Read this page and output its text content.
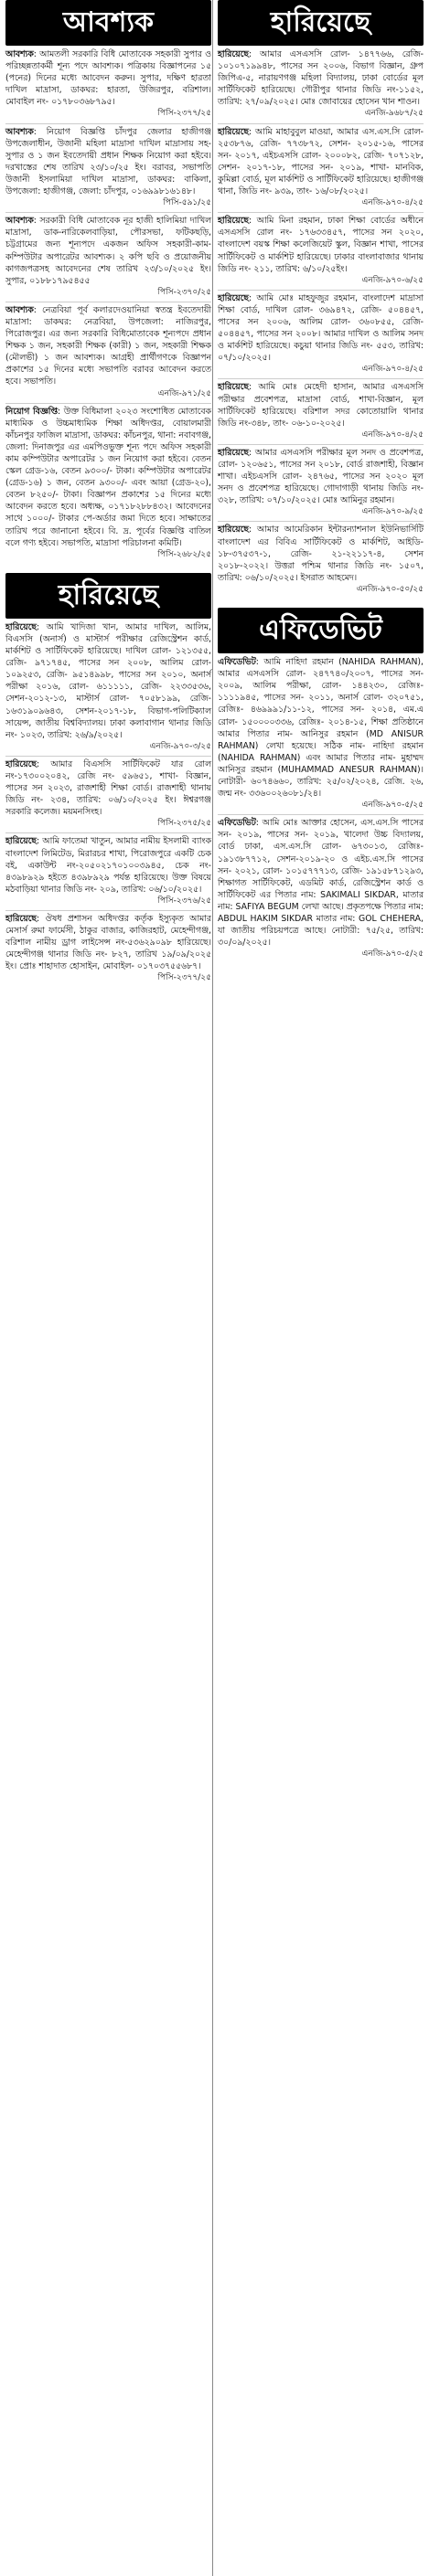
আবশ্যক

আবশ্যক: আমতলী সরকারি বিধি মোতাবেক সহকারী সুপার ও পরিচ্ছন্নতাকর্মী শূন্য পদে আবশ্যক। পত্রিকায় বিজ্ঞাপনের ১৫ (পনের) দিনের মধ্যে আবেদন করুন। সুপার, দক্ষিণ হারতা দাখিল মাদ্রাসা, ডাকঘর: হারতা, উজিরপুর, বরিশাল। মোবাইল নং- ০১৭৮০৩৬৮৭৯৫।
পিসি-২৩৭৭/২৫

আবশ্যক: নিয়োগ বিজ্ঞপ্তি চাঁদপুর জেলার হাজীগঞ্জ উপজেলাধীন, উজানী মহিলা মাদ্রাসা দাখিল মাদ্রাসায় সহ-সুপার ও ১ জন ইবতেদায়ী প্রধান শিক্ষক নিয়োগ করা হইবে। দরখাস্তের শেষ তারিখ ২৩/১০/২৫ ইং। বরাবর, সভাপতি উজানী ইসলামিয়া দাখিল মাদ্রাসা, ডাকঘর: বাকিলা, উপজেলা: হাজীগঞ্জ, জেলা: চাঁদপুর, ০১৬৯৯৮১৬১৪৮।
পিসি-৫৯১/২৫

আবশ্যক: সরকারী বিধি মোতাবেক নূর হাজী হালিমিয়া দাখিল মাদ্রাসা, ডাক-নারিকেলবাড়িয়া, পৌরসভা, ফটিকছড়ি, চট্টগ্রামের জন্য শূন্যপদে একজন অফিস সহকারী-কাম-কম্পিউটার অপারেটর আবশ্যক। ২ কপি ছবি ও প্রয়োজনীয় কাগজপত্রসহ আবেদনের শেষ তারিখ ২৩/১০/২০২৫ ইং। সুপার, ০১৮৮১৭৯৫৪৫৫
পিসি-২৩৭০/২৫

আবশ্যক: নেত্রবিয়া পূর্ব কলারদেওয়ানিয়া স্বতন্ত্র ইবতেদায়ী মাদ্রাসা: ডাকঘর: নেত্রবিয়া, উপজেলা: নাজিরপুর, পিরোজপুর। এর জন্য সরকারি বিধিমোতাবেক শূন্যপদে প্রধান শিক্ষক ১ জন, সহকারী শিক্ষক (কারী) ১ জন, সহকারী শিক্ষক (মৌলভী) ১ জন আবশ্যক। আগ্রহী প্রার্থীগণকে বিজ্ঞাপন প্রকাশের ১৫ দিনের মধ্যে সভাপতি বরাবর আবেদন করতে হবে। সভাপতি।
এনজি-৯৭১/২৫

নিয়োগ বিজ্ঞপ্তি: উক্ত বিধিমালা ২০২৩ সংশোধিত মোতাবেক মাধ্যমিক ও উচ্চমাধ্যমিক শিক্ষা অধিদপ্তর, বোয়ালমারী কাঁচনপুর ফাজিল মাদ্রাসা, ডাকঘর: কাঁচনপুর, থানা: নবাবগঞ্জ, জেলা: দিনাজপুর এর এমপিওভুক্ত শূন্য পদে অফিস সহকারী কাম কম্পিউটার অপারেটর ১ জন নিয়োগ করা হইবে। বেতন স্কেল গ্রেড-১৬, বেতন ৯৩০০/- টাকা। কম্পিউটার অপারেটর (গ্রেড-১৬) ১ জন, বেতন ৯৩০০/- এবং আয়া (গ্রেড-২০), বেতন ৮২৫০/- টাকা। বিজ্ঞাপন প্রকাশের ১৫ দিনের মধ্যে আবেদন করতে হবে। অধ্যক্ষ, ০১৭১৮২৮৮৪৩২। আবেদনের সাথে ১০০০/- টাকার পে-অর্ডার জমা দিতে হবে। সাক্ষাতের তারিখ পরে জানানো হইবে। বি. দ্র. পূর্বের বিজ্ঞপ্তি বাতিল বলে গণ্য হইবে। সভাপতি, মাদ্রাসা পরিচালনা কমিটি।
পিসি-২৬৮২/২৫

হারিয়েছে

হারিয়েছে: আমি খাদিজা খান, আমার দাখিল, আলিম, বিএসসি (অনার্স) ও মাস্টার্স পরীক্ষার রেজিস্ট্রেশন কার্ড, মার্কশিট ও সার্টিফিকেট হারিয়েছে। দাখিল রোল- ১২১৩৫৫, রেজি- ৯৭১৭৪৫, পাসের সন ২০০৮, আলিম রোল- ১০৯২৫৩, রেজি- ৯৫১৪৯৯৮, পাসের সন ২০১০, অনার্স পরীক্ষা ২০১৬, রোল- ৬১১১১১, রেজি- ২২৩৩৫৩৬, সেশন-২০১২-১৩, মাস্টার্স রোল- ৭০৫৮১৯৯, রেজি- ১৬৩১৯০৯৬৪৩, সেশন-২০১৭-১৮, বিভাগ-পলিটিক্যাল সায়েন্স, জাতীয় বিশ্ববিদ্যালয়। ঢাকা কলাবাগান থানার জিডি নং- ১০২৩, তারিখ: ২৬/৯/২০২৫।
এনজি-৯৭০-৩/২৫

হারিয়েছে: আমার বিএসসি সার্টিফিকেট যার রোল নং-১৭৩০০২০৪২, রেজি নং- ৫৯৬৫১, শাখা- বিজ্ঞান, পাসের সন ২০২৩, রাজশাহী শিক্ষা বোর্ড। রাজশাহী থানায় জিডি নং- ২৩৪, তারিখ: ০৬/১০/২০২৫ ইং। ঈশ্বরগঞ্জ সরকারি কলেজ। ময়মনসিংহ।
পিসি-২৩৭৫/২৫

হারিয়েছে: আমি ফাতেমা খাতুন, আমার নামীয় ইসলামী ব্যাংক বাংলাদেশ লিমিটেড, মিরারচর শাখা, পিরোজপুরে একটি চেক বই, একাউন্ট নং-২০৫০২১৭০১০০৩৯৪৫, চেক নং- ৪৩৯৮৯২৯ হইতে ৪৩৯৮৯২৯ পর্যন্ত হারিয়েছে। উক্ত বিষয়ে মঠবাড়িয়া থানার জিডি নং- ২০৯, তারিখ: ০৬/১০/২০২৫।
পিসি-২৩৭৬/২৫

হারিয়েছে: ঔষধ প্রশাসন অধিদপ্তর কর্তৃক ইস্যুকৃত আমার মেসার্স রুমা ফার্মেসী, ঠাকুর বাজার, কাজিরহাট, মেহেন্দীগঞ্জ, বরিশাল নামীয় ড্রাগ লাইসেন্স নং-৫৩৬২৯০৯৮ হারিয়েছে। মেহেন্দীগঞ্জ থানার জিডি নং- ৮২৭, তারিখ ১৯/০৯/২০২৫ ইং। প্রোঃ শাহাদাত হোসাইন, মোবাইল- ০১৭০৩৭৫৫৬৮৭।
পিসি-২৩৭৭/২৫

হারিয়েছে

হারিয়েছে: আমার এসএসসি রোল- ১৪৭৭৬৬, রেজি- ১০১০৭১৯৯৪৮, পাসের সন ২০০৬, বিভাগ বিজ্ঞান, গ্রুপ জিপিএ-৫, নারায়ণগঞ্জ মহিলা বিদ্যালয়, ঢাকা বোর্ডের মূল সার্টিফিকেট হারিয়েছে। গৌরীপুর থানার জিডি নং-১১৫২, তারিখ: ২৭/০৯/২০২৫। মোঃ জোবায়ের হোসেন খান শাওন।
এনজি-৯৬৮৭/২৫

হারিয়েছে: আমি মাহাবুবুল মাওয়া, আমার এস.এস.সি রোল- ২৫৩৮৭৬, রেজি- ৭৭৩৮৭২, সেশন- ২০১৫-১৬, পাসের সন- ২০১৭, এইচএসসি রোল- ২০০০৮২, রেজি- ৭০৭১২৮, সেশন- ২০১৭-১৮, পাসের সন- ২০১৯, শাখা- মানবিক, কুমিল্লা বোর্ড, মূল মার্কশিট ও সার্টিফিকেট হারিয়েছে। হাজীগঞ্জ থানা, জিডি নং- ৯৩৯, তাং- ১৬/০৮/২০২৫।
এনজি-৯৭০-৪/২৫

হারিয়েছে: আমি মিনা রহমান, ঢাকা শিক্ষা বোর্ডের অধীনে এসএসসি রোল নং- ১৭৬৩৩৪৫৭, পাসের সন ২০২০, বাংলাদেশ বয়স্ক শিক্ষা কলেজিয়েট স্কুল, বিজ্ঞান শাখা, পাসের সার্টিফিকেট ও মার্কশিট হারিয়েছে। ঢাকার বাংলাবাজার থানায় জিডি নং- ২১১, তারিখ: ৬/১০/২৫ইং।
এনজি-৯৭০-৬/২৫

হারিয়েছে: আমি মোঃ মাহফুজুর রহমান, বাংলাদেশ মাদ্রাসা শিক্ষা বোর্ড, দাখিল রোল- ৩৬৯৪৭২, রেজি- ৫০৪৪৫৭, পাসের সন ২০০৬, আলিম রোল- ৩৬০৮৫৫, রেজি- ৫০৪৪৫৭, পাসের সন ২০০৮। আমার দাখিল ও আলিম সনদ ও মার্কশিট হারিয়েছে। কচুয়া থানার জিডি নং- ৫৫৩, তারিখ: ০৭/১০/২০২৫।
এনজি-৯৭০-৪/২৫

হারিয়েছে: আমি মোঃ মেহেদী হাসান, আমার এসএসসি পরীক্ষার প্রবেশপত্র, মাদ্রাসা বোর্ড, শাখা-বিজ্ঞান, মূল সার্টিফিকেট হারিয়েছে। বরিশাল সদর কোতোয়ালি থানার জিডি নং-৩৪৮, তাং- ০৬-১০-২০২৫।
এনজি-৯৭০-৪/২৫

হারিয়েছে: আমার এসএসসি পরীক্ষার মূল সনদ ও প্রবেশপত্র, রোল- ১২০৬৫১, পাসের সন ২০১৮, বোর্ড রাজশাহী, বিজ্ঞান শাখা। এইচএসসি রোল- ২৪৭৬৫, পাসের সন ২০২০ মূল সনদ ও প্রবেশপত্র হারিয়েছে। গোদাগাড়ী থানায় জিডি নং- ৩২৮, তারিখ: ০৭/১০/২০২৫। মোঃ আমিনুর রহমান।
এনজি-৯৭০-৯/২৫

হারিয়েছে: আমার আমেরিকান ইন্টারন্যাশনাল ইউনিভার্সিটি বাংলাদেশ এর বিবিএ সার্টিফিকেট ও মার্কশিট, আইডি- ১৮-৩৭৫৩৭-১, রেজি- ২১-২২১১৭-৪, সেশন ২০১৮-২০২২। উত্তরা পশ্চিম থানার জিডি নং- ১৫০৭, তারিখ: ০৬/১০/২০২৫। ইসরাত আহমেদ।
এনজি-৯৭০-৫০/২৫

এফিডেভিট

এফিডেভিট: আমি নাহিদা রহমান (NAHIDA RAHMAN), আমার এসএসসি রোল- ২৪৭৭৪০/২০০৭, পাসের সন- ২০০৯, আলিম পরীক্ষা, রোল- ১৪৪২৩০, রেজিঃ- ১১১১৯৪৫, পাসের সন- ২০১১, অনার্স রোল- ৩২০৭৫১, রেজিঃ- ৪৬৯৯৯১/১১-১২, পাসের সন- ২০১৪, এম.এ রোল- ১৫০০০০৩৩৬, রেজিঃ- ২০১৪-১৫, শিক্ষা প্রতিষ্ঠানে আমার পিতার নাম- আনিসুর রহমান (MD ANISUR RAHMAN) লেখা হয়েছে। সঠিক নাম- নাহিদা রহমান (NAHIDA RAHMAN) এবং আমার পিতার নাম- মুহাম্মদ আনিসুর রহমান (MUHAMMAD ANESUR RAHMAN)। নোটারী- ৬০৭৪৬৬০, তারিখ: ২৫/০২/২০২৪, রেজি. ২৬, জন্ম নং- ৩৩৬০০২৬০৮১/২৪।
এনজি-৯৭০-৫/২৫

এফিডেভিট: আমি মোঃ আক্তার হোসেন, এস.এস.সি পাসের সন- ২০১৯, পাসের সন- ২০১৯, খালেদা উচ্চ বিদ্যালয়, বোর্ড ঢাকা, এস.এস.সি রোল- ৬৭৩০১৩, রেজিঃ- ১৯১৩৮৭৭১২, সেশন-২০১৯-২০ ও এইচ.এস.সি পাসের সন- ২০২১, রোল- ১০১৫৭৭৭১৩, রেজি- ১৯১৫৮৭১২৯৩, শিক্ষাগত সার্টিফিকেট, এডমিট কার্ড, রেজিস্ট্রেশন কার্ড ও সার্টিফিকেট এর পিতার নাম: SAKIMALI SIKDAR, মাতার নাম: SAFIYA BEGUM লেখা আছে। প্রকৃতপক্ষে পিতার নাম: ABDUL HAKIM SIKDAR মাতার নাম: GOL CHEHERA, যা জাতীয় পরিচয়পত্রে আছে। নোটারী: ৭৫/২৫, তারিখ: ৩০/০৯/২০২৫।
এনজি-৯৭০-৫/২৫
